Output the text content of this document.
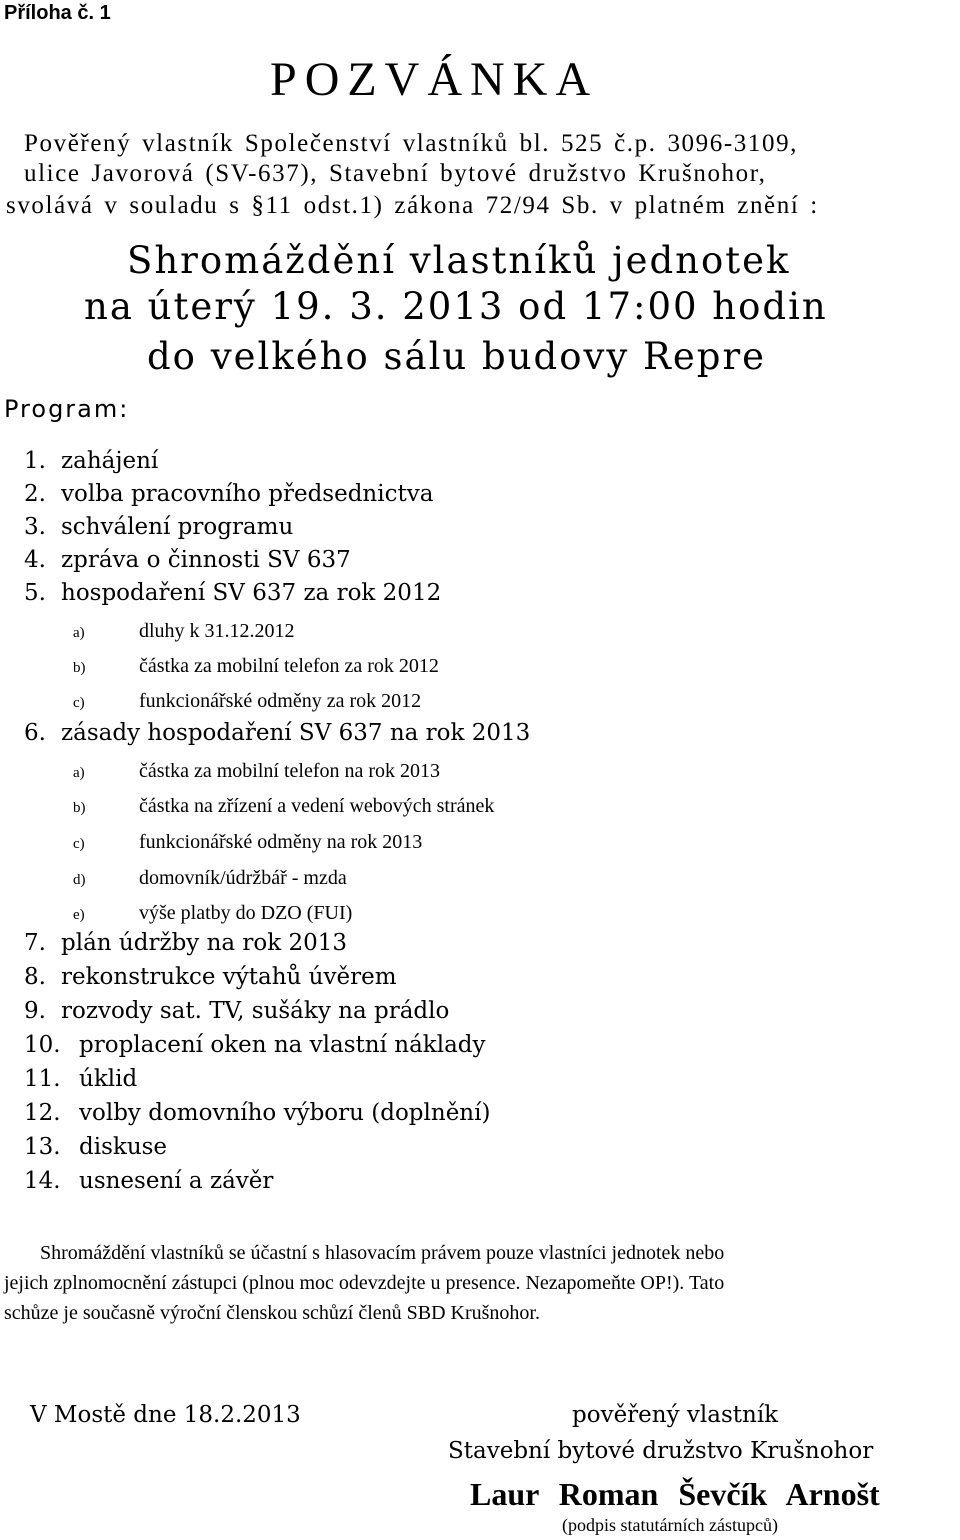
Příloha č. 1
POZVÁNKA
Pověřený vlastník Společenství vlastníků bl. 525 č.p. 3096-3109,
ulice Javorová (SV-637), Stavební bytové družstvo Krušnohor,
svolává v souladu s §11 odst.1) zákona 72/94 Sb. v platném znění :
Shromáždění vlastníků jednotek
na úterý 19. 3. 2013 od 17:00 hodin
do velkého sálu budovy Repre
Program:
1. zahájení
2. volba pracovního předsednictva
3. schválení programu
4. zpráva o činnosti SV 637
5. hospodaření SV 637 za rok 2012
a)	dluhy k 31.12.2012
b)	částka za mobilní telefon za rok 2012
c)	funkcionářské odměny za rok 2012
6. zásady hospodaření SV 637 na rok 2013
a)	částka za mobilní telefon na rok 2013
b)	částka na zřízení a vedení webových stránek
c)	funkcionářské odměny na rok 2013
d)	domovník/údržbář - mzda
e)	výše platby do DZO (FUI)
7. plán údržby na rok 2013
8. rekonstrukce výtahů úvěrem
9. rozvody sat. TV, sušáky na prádlo
10. proplacení oken na vlastní náklady
11. úklid
12. volby domovního výboru (doplnění)
13. diskuse
14. usnesení a závěr
Shromáždění vlastníků se účastní s hlasovacím právem pouze vlastníci jednotek nebo
jejich zplnomocnění zástupci (plnou moc odevzdejte u presence. Nezapomeňte OP!). Tato
schůze je současně výroční členskou schůzí členů SBD Krušnohor.
V Mostě dne 18.2.2013	pověřený vlastník
Stavební bytové družstvo Krušnohor
Laur Roman Ševčík Arnošt
(podpis statutárních zástupců)
